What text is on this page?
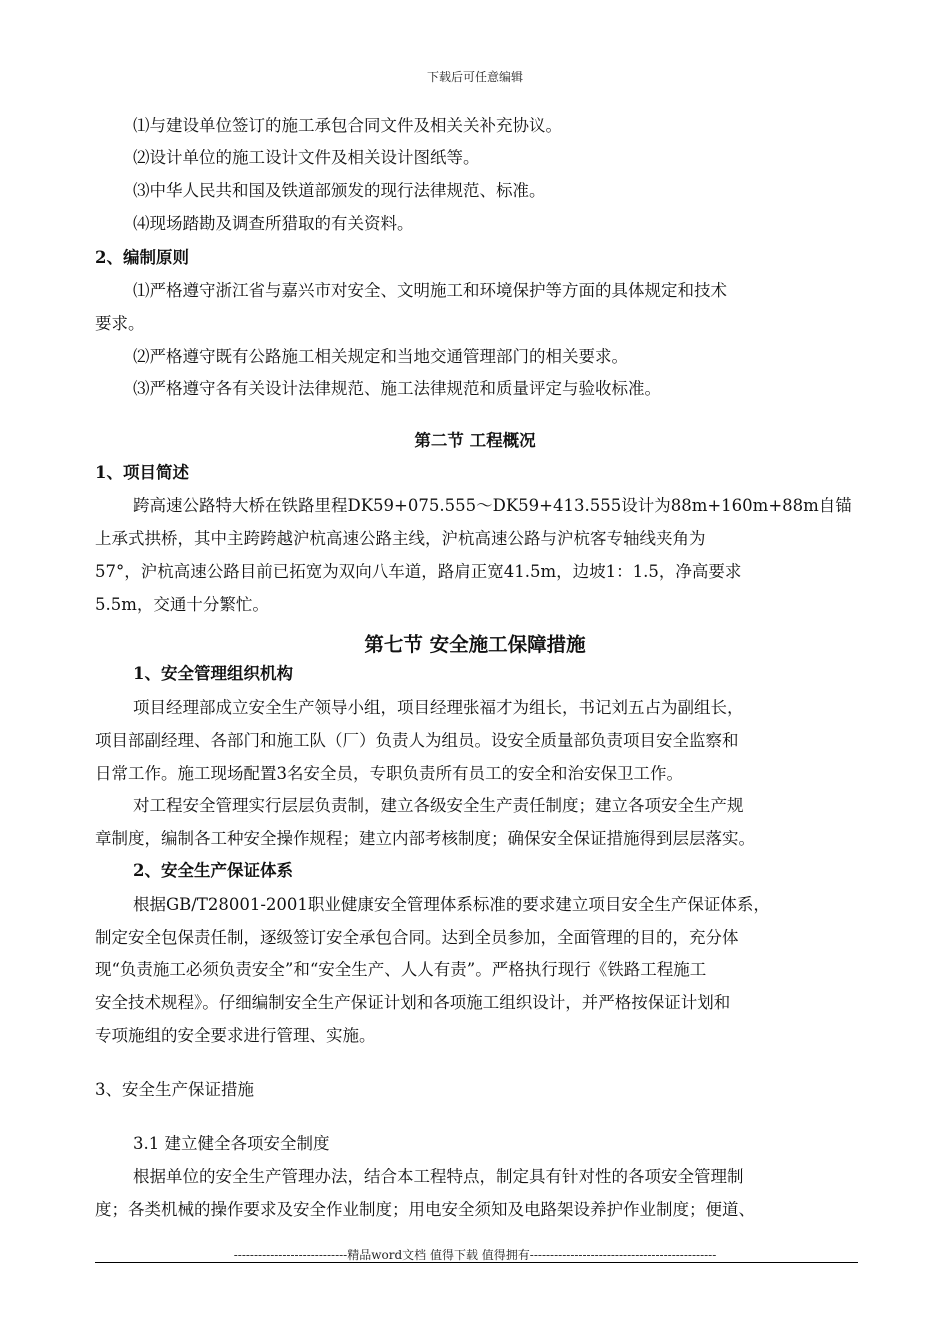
下载后可任意编辑
⑴与建设单位签订的施工承包合同文件及相关关补充协议。
⑵设计单位的施工设计文件及相关设计图纸等。
⑶中华人民共和国及铁道部颁发的现行法律规范、标准。
⑷现场踏勘及调查所猎取的有关资料。
2、编制原则
⑴严格遵守浙江省与嘉兴市对安全、文明施工和环境保护等方面的具体规定和技术
要求。
⑵严格遵守既有公路施工相关规定和当地交通管理部门的相关要求。
⑶严格遵守各有关设计法律规范、施工法律规范和质量评定与验收标准。
第二节 工程概况
1、项目简述
跨高速公路特大桥在铁路里程DK59+075.555～DK59+413.555设计为88m+160m+88m自锚
上承式拱桥，其中主跨跨越沪杭高速公路主线，沪杭高速公路与沪杭客专轴线夹角为
57°，沪杭高速公路目前已拓宽为双向八车道，路肩正宽41.5m，边坡1：1.5，净高要求
5.5m，交通十分繁忙。
第七节 安全施工保障措施
1、安全管理组织机构
项目经理部成立安全生产领导小组，项目经理张福才为组长，书记刘五占为副组长，
项目部副经理、各部门和施工队（厂）负责人为组员。设安全质量部负责项目安全监察和
日常工作。施工现场配置3名安全员，专职负责所有员工的安全和治安保卫工作。
对工程安全管理实行层层负责制，建立各级安全生产责任制度；建立各项安全生产规
章制度，编制各工种安全操作规程；建立内部考核制度；确保安全保证措施得到层层落实。
2、安全生产保证体系
根据GB/T28001-2001职业健康安全管理体系标准的要求建立项目安全生产保证体系，
制定安全包保责任制，逐级签订安全承包合同。达到全员参加，全面管理的目的，充分体
现“负责施工必须负责安全”和“安全生产、人人有责”。严格执行现行《铁路工程施工
安全技术规程》。仔细编制安全生产保证计划和各项施工组织设计，并严格按保证计划和
专项施组的安全要求进行管理、实施。
3、安全生产保证措施
3.1 建立健全各项安全制度
根据单位的安全生产管理办法，结合本工程特点，制定具有针对性的各项安全管理制
度；各类机械的操作要求及安全作业制度；用电安全须知及电路架设养护作业制度；便道、
----------------------------精品word文档 值得下载 值得拥有----------------------------------------------
